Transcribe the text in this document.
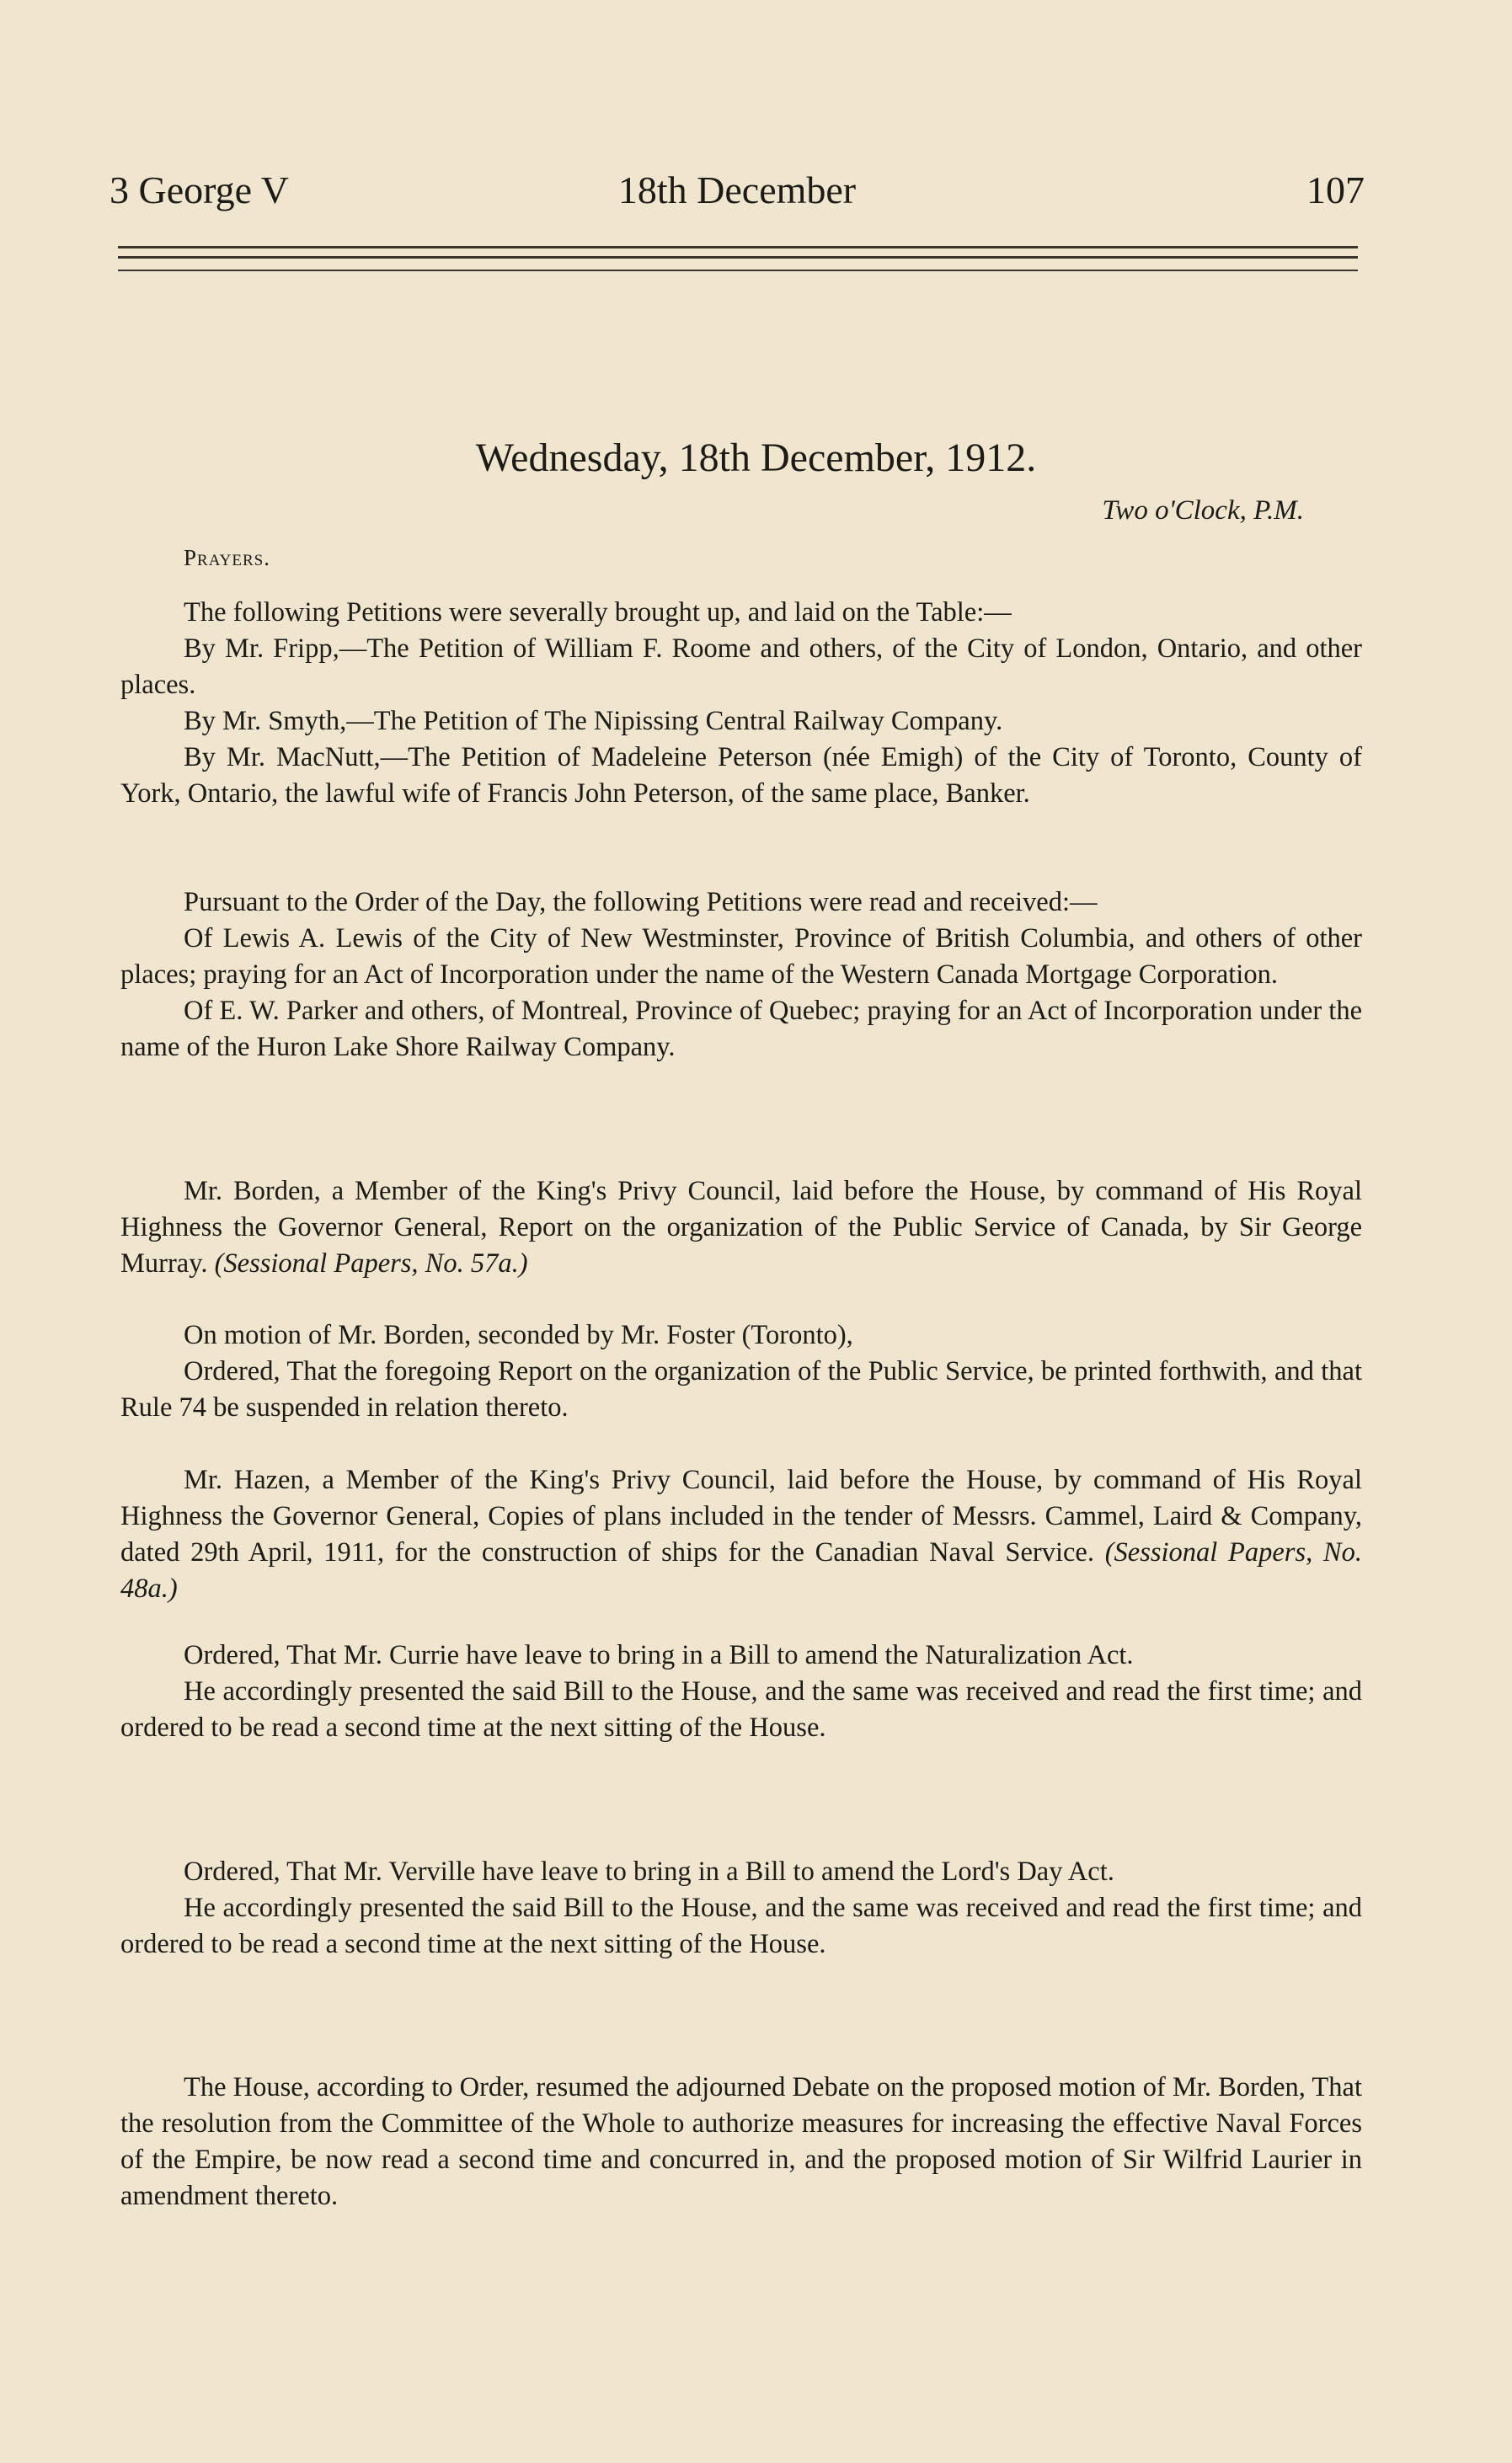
3 George V	18th December	107
Wednesday, 18th December, 1912.
Two o'Clock, P.M.
Prayers.

The following Petitions were severally brought up, and laid on the Table:—

By Mr. Fripp,—The Petition of William F. Roome and others, of the City of London, Ontario, and other places.

By Mr. Smyth,—The Petition of The Nipissing Central Railway Company.

By Mr. MacNutt,—The Petition of Madeleine Peterson (née Emigh) of the City of Toronto, County of York, Ontario, the lawful wife of Francis John Peterson, of the same place, Banker.

Pursuant to the Order of the Day, the following Petitions were read and received:—

Of Lewis A. Lewis of the City of New Westminster, Province of British Columbia, and others of other places; praying for an Act of Incorporation under the name of the Western Canada Mortgage Corporation.

Of E. W. Parker and others, of Montreal, Province of Quebec; praying for an Act of Incorporation under the name of the Huron Lake Shore Railway Company.

Mr. Borden, a Member of the King's Privy Council, laid before the House, by command of His Royal Highness the Governor General, Report on the organization of the Public Service of Canada, by Sir George Murray. (Sessional Papers, No. 57a.)

On motion of Mr. Borden, seconded by Mr. Foster (Toronto),

Ordered, That the foregoing Report on the organization of the Public Service, be printed forthwith, and that Rule 74 be suspended in relation thereto.

Mr. Hazen, a Member of the King's Privy Council, laid before the House, by command of His Royal Highness the Governor General, Copies of plans included in the tender of Messrs. Cammel, Laird & Company, dated 29th April, 1911, for the construction of ships for the Canadian Naval Service. (Sessional Papers, No. 48a.)

Ordered, That Mr. Currie have leave to bring in a Bill to amend the Naturalization Act.

He accordingly presented the said Bill to the House, and the same was received and read the first time; and ordered to be read a second time at the next sitting of the House.

Ordered, That Mr. Verville have leave to bring in a Bill to amend the Lord's Day Act.

He accordingly presented the said Bill to the House, and the same was received and read the first time; and ordered to be read a second time at the next sitting of the House.

The House, according to Order, resumed the adjourned Debate on the proposed motion of Mr. Borden, That the resolution from the Committee of the Whole to authorize measures for increasing the effective Naval Forces of the Empire, be now read a second time and concurred in, and the proposed motion of Sir Wilfrid Laurier in amendment thereto.
